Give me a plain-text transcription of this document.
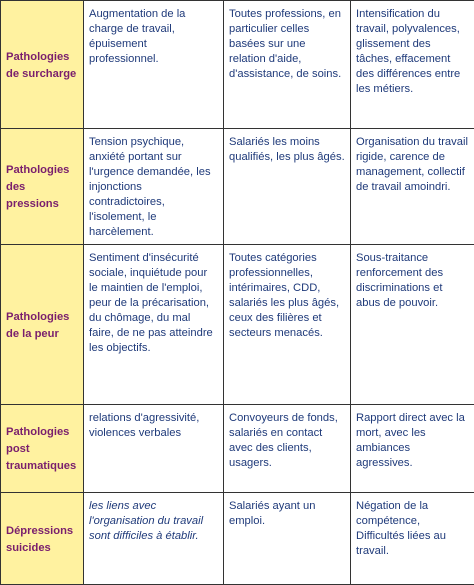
Pathologies de surcharge	Augmentation de la charge de travail, épuisement professionnel.	Toutes professions, en particulier celles basées sur une relation d'aide, d'assistance, de soins.	Intensification du travail, polyvalences, glissement des tâches, effacement des différences entre les métiers.
Pathologies des pressions	Tension psychique, anxiété portant sur l'urgence demandée, les injonctions contradictoires, l'isolement, le harcèlement.	Salariés les moins qualifiés, les plus âgés.	Organisation du travail rigide, carence de management, collectif de travail amoindri.
Pathologies de la peur	Sentiment d'insécurité sociale, inquiétude pour le maintien de l'emploi, peur de la précarisation, du chômage, du mal faire, de ne pas atteindre les objectifs.	Toutes catégories professionnelles, intérimaires, CDD, salariés les plus âgés, ceux des filières et secteurs menacés.	Sous-traitance renforcement des discriminations et abus de pouvoir.
Pathologies post traumatiques	relations d'agressivité, violences verbales	Convoyeurs de fonds, salariés en contact avec des clients, usagers.	Rapport direct avec la mort, avec les ambiances agressives.
Dépressions suicides	les liens avec l'organisation du travail sont difficiles à établir.	Salariés ayant un emploi.	Négation de la compétence, Difficultés liées au travail.
